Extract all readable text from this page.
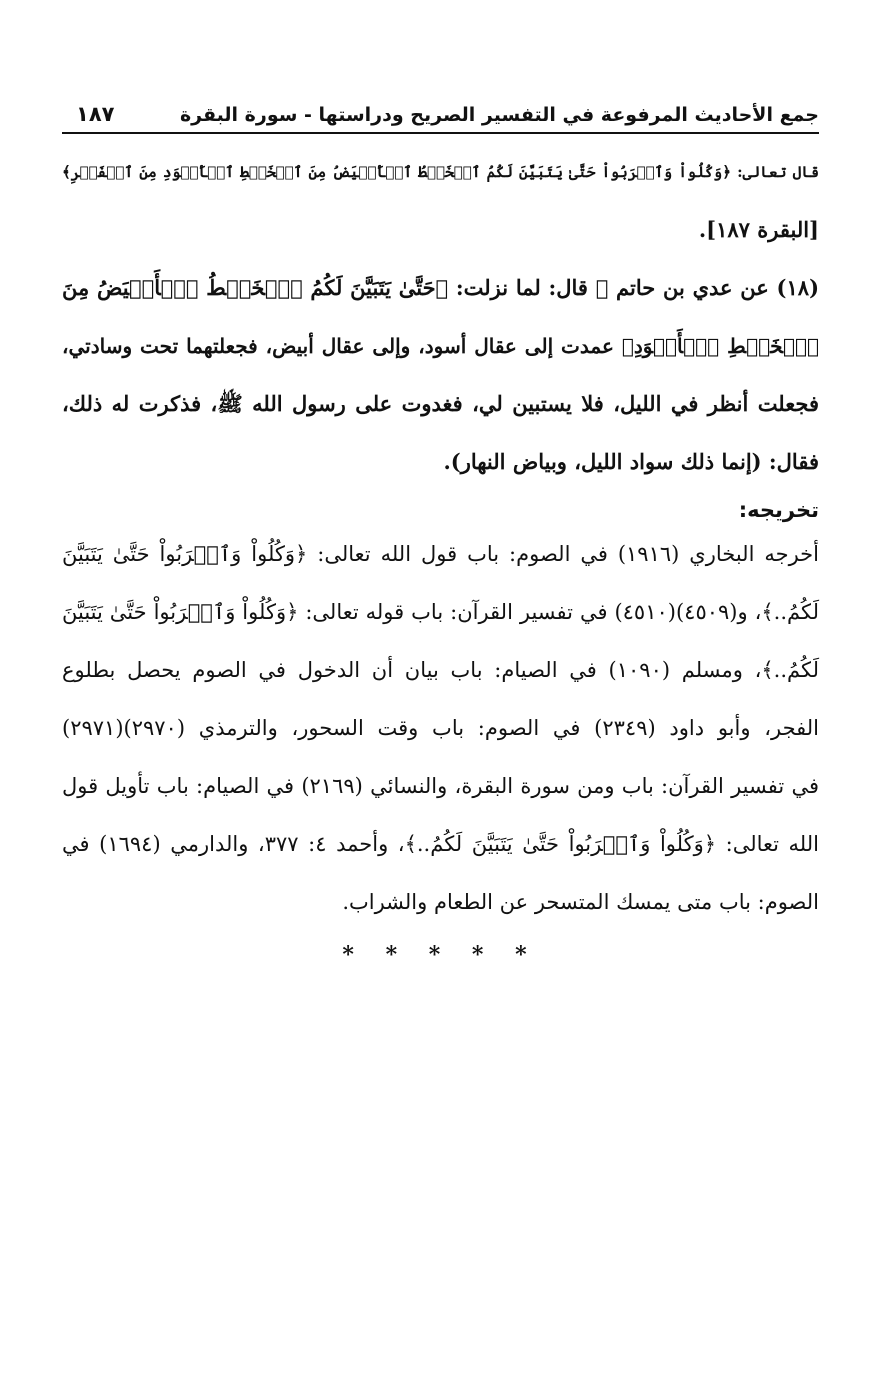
جمع الأحاديث المرفوعة في التفسير الصريح ودراستها - سورة البقرة
١٨٧
قال تعالى: ﴿وَكُلُواْ وَٱشۡرَبُواْ حَتَّىٰ يَتَبَيَّنَ لَكُمُ ٱلۡخَيۡطُ ٱلۡأَبۡيَضُ مِنَ ٱلۡخَيۡطِ ٱلۡأَسۡوَدِ مِنَ ٱلۡفَجۡرِ﴾
[البقرة ١٨٧].
(١٨) عن عدي بن حاتم ﷺ قال: لما نزلت: ﴿حَتَّىٰ يَتَبَيَّنَ لَكُمُ ٱلۡخَيۡطُ ٱلۡأَبۡيَضُ مِنَ
ٱلۡخَيۡطِ ٱلۡأَسۡوَدِ﴾ عمدت إلى عقال أسود، وإلى عقال أبيض، فجعلتهما تحت وسادتي،
فجعلت أنظر في الليل، فلا يستبين لي، فغدوت على رسول الله ﷺ، فذكرت له ذلك،
فقال: (إنما ذلك سواد الليل، وبياض النهار).
تخريجه:
أخرجه البخاري (١٩١٦) في الصوم: باب قول الله تعالى: ﴿وَكُلُواْ وَٱشۡرَبُواْ حَتَّىٰ يَتَبَيَّنَ
لَكُمُ..﴾، و(٤٥٠٩)(٤٥١٠) في تفسير القرآن: باب قوله تعالى: ﴿وَكُلُواْ وَٱشۡرَبُواْ حَتَّىٰ يَتَبَيَّنَ
لَكُمُ..﴾، ومسلم (١٠٩٠) في الصيام: باب بيان أن الدخول في الصوم يحصل بطلوع
الفجر، وأبو داود (٢٣٤٩) في الصوم: باب وقت السحور، والترمذي (٢٩٧٠)(٢٩٧١)
في تفسير القرآن: باب ومن سورة البقرة، والنسائي (٢١٦٩) في الصيام: باب تأويل قول
الله تعالى: ﴿وَكُلُواْ وَٱشۡرَبُواْ حَتَّىٰ يَتَبَيَّنَ لَكُمُ..﴾، وأحمد ٤: ٣٧٧، والدارمي (١٦٩٤) في
الصوم: باب متى يمسك المتسحر عن الطعام والشراب.
* * * * *
